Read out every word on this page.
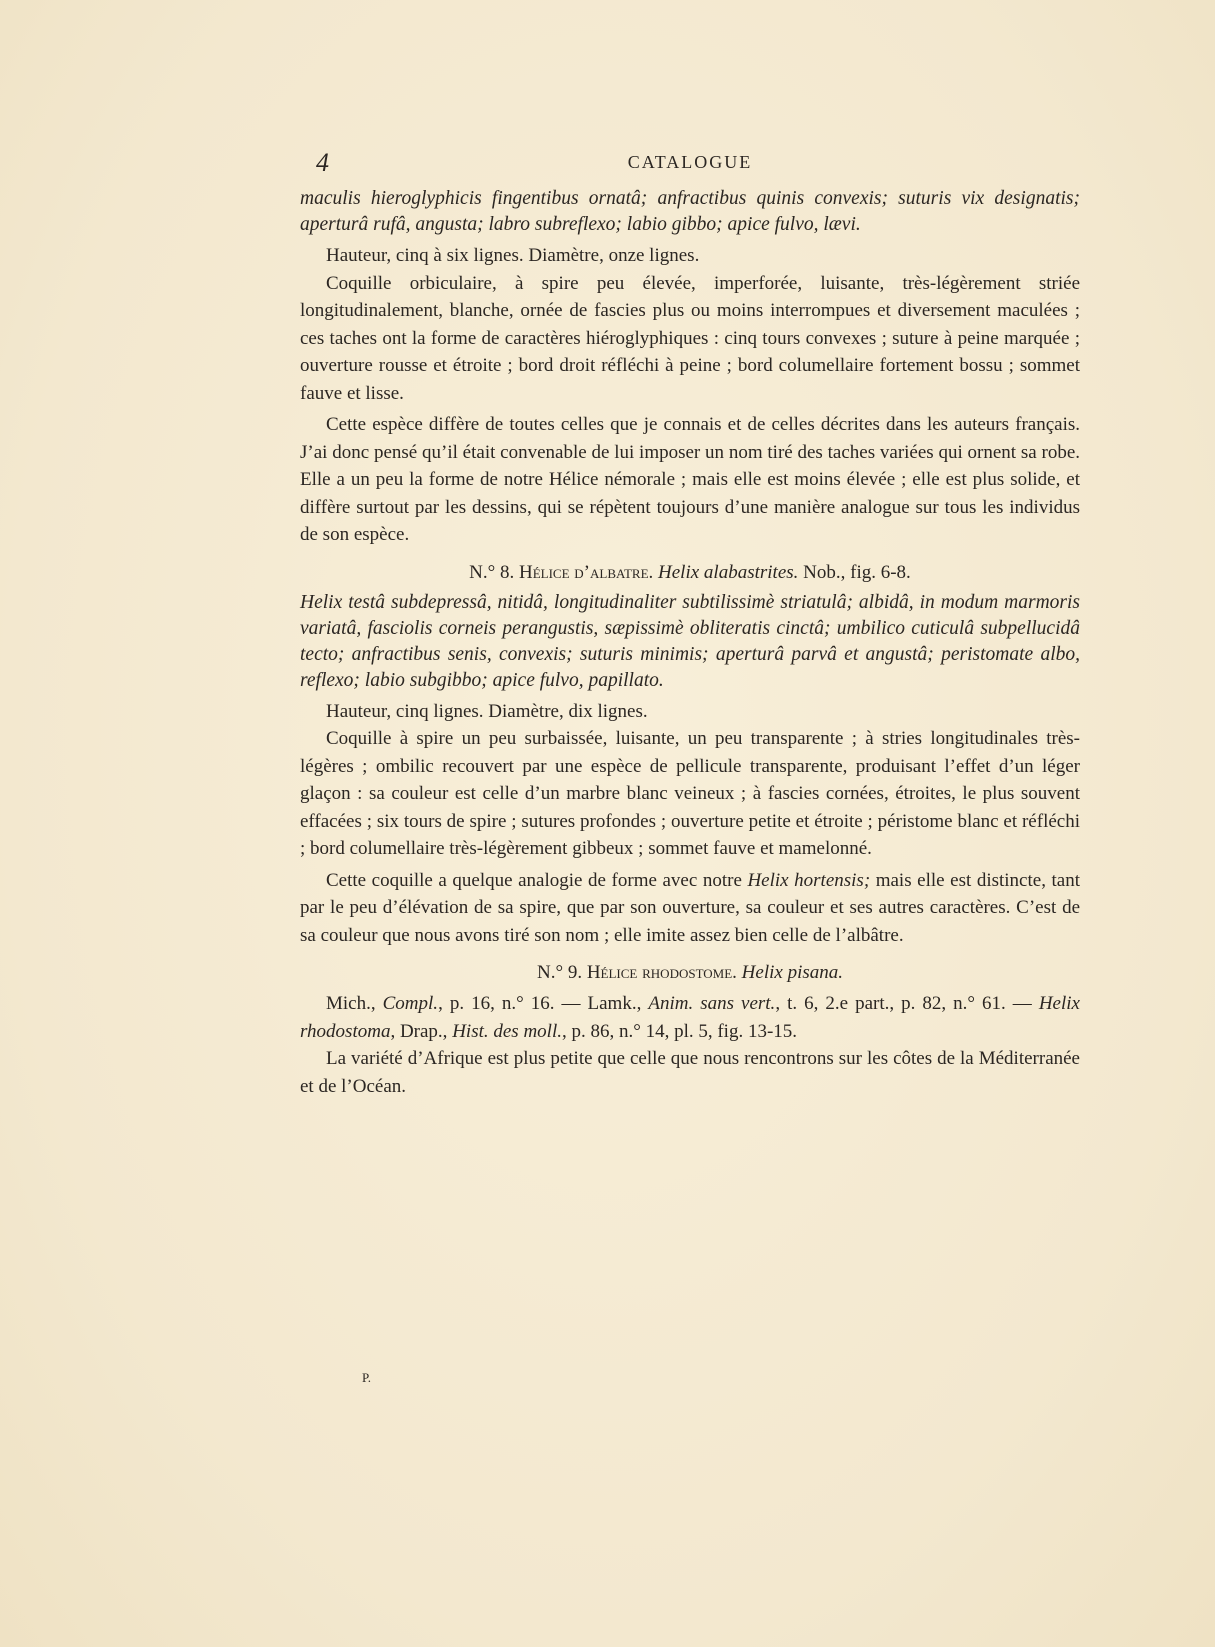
4	CATALOGUE

maculis hieroglyphicis fingentibus ornatâ; anfractibus quinis convexis; suturis vix designatis; aperturâ rufâ, angusta; labro subreflexo; labio gibbo; apice fulvo, lævi.

Hauteur, cinq à six lignes. Diamètre, onze lignes.

Coquille orbiculaire, à spire peu élevée, imperforée, luisante, très-légèrement striée longitudinalement, blanche, ornée de fascies plus ou moins interrompues et diversement maculées ; ces taches ont la forme de caractères hiéroglyphiques : cinq tours convexes ; suture à peine marquée ; ouverture rousse et étroite ; bord droit réfléchi à peine ; bord columellaire fortement bossu ; sommet fauve et lisse.

Cette espèce diffère de toutes celles que je connais et de celles décrites dans les auteurs français. J’ai donc pensé qu’il était convenable de lui imposer un nom tiré des taches variées qui ornent sa robe. Elle a un peu la forme de notre Hélice némorale ; mais elle est moins élevée ; elle est plus solide, et diffère surtout par les dessins, qui se répètent toujours d’une manière analogue sur tous les individus de son espèce.

N.° 8. Hélice d’albatre. Helix alabastrites. Nob., fig. 6-8.

Helix testâ subdepressâ, nitidâ, longitudinaliter subtilissimè striatulâ; albidâ, in modum marmoris variatâ, fasciolis corneis perangustis, sæpissimè obliteratis cinctâ; umbilico cuticulâ subpellucidâ tecto; anfractibus senis, convexis; suturis minimis; aperturâ parvâ et angustâ; peristomate albo, reflexo; labio subgibbo; apice fulvo, papillato.

Hauteur, cinq lignes. Diamètre, dix lignes.

Coquille à spire un peu surbaissée, luisante, un peu transparente ; à stries longitudinales très-légères ; ombilic recouvert par une espèce de pellicule transparente, produisant l’effet d’un léger glaçon : sa couleur est celle d’un marbre blanc veineux ; à fascies cornées, étroites, le plus souvent effacées ; six tours de spire ; sutures profondes ; ouverture petite et étroite ; péristome blanc et réfléchi ; bord columellaire très-légèrement gibbeux ; sommet fauve et mamelonné.

Cette coquille a quelque analogie de forme avec notre Helix hortensis; mais elle est distincte, tant par le peu d’élévation de sa spire, que par son ouverture, sa couleur et ses autres caractères. C’est de sa couleur que nous avons tiré son nom ; elle imite assez bien celle de l’albâtre.

N.° 9. Hélice rhodostome. Helix pisana.

Mich., Compl., p. 16, n.° 16. — Lamk., Anim. sans vert., t. 6, 2.e part., p. 82, n.° 61. — Helix rhodostoma, Drap., Hist. des moll., p. 86, n.° 14, pl. 5, fig. 13-15.

La variété d’Afrique est plus petite que celle que nous rencontrons sur les côtes de la Méditerranée et de l’Océan.

P.
